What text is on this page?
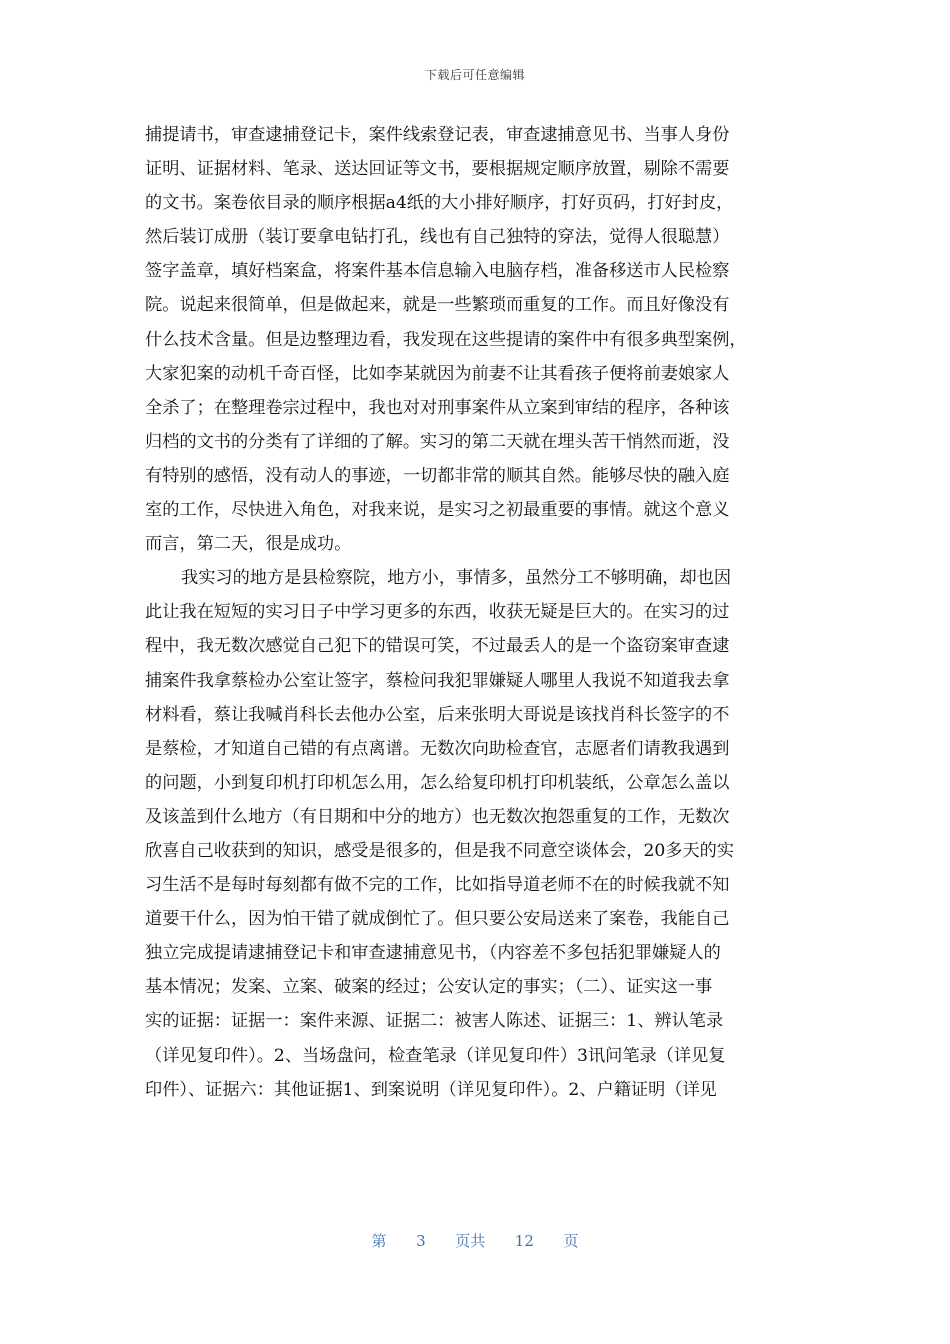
下载后可任意编辑
捕提请书，审查逮捕登记卡，案件线索登记表，审查逮捕意见书、当事人身份
证明、证据材料、笔录、送达回证等文书，要根据规定顺序放置，剔除不需要
的文书。案卷依目录的顺序根据a4纸的大小排好顺序，打好页码，打好封皮，
然后装订成册（装订要拿电钻打孔，线也有自己独特的穿法，觉得人很聪慧）
签字盖章，填好档案盒，将案件基本信息输入电脑存档，准备移送市人民检察
院。说起来很简单，但是做起来，就是一些繁琐而重复的工作。而且好像没有
什么技术含量。但是边整理边看，我发现在这些提请的案件中有很多典型案例，
大家犯案的动机千奇百怪，比如李某就因为前妻不让其看孩子便将前妻娘家人
全杀了；在整理卷宗过程中，我也对对刑事案件从立案到审结的程序，各种该
归档的文书的分类有了详细的了解。实习的第二天就在埋头苦干悄然而逝，没
有特别的感悟，没有动人的事迹，一切都非常的顺其自然。能够尽快的融入庭
室的工作，尽快进入角色，对我来说，是实习之初最重要的事情。就这个意义
而言，第二天，很是成功。
我实习的地方是县检察院，地方小，事情多，虽然分工不够明确，却也因
此让我在短短的实习日子中学习更多的东西，收获无疑是巨大的。在实习的过
程中，我无数次感觉自己犯下的错误可笑，不过最丢人的是一个盗窃案审查逮
捕案件我拿蔡检办公室让签字，蔡检问我犯罪嫌疑人哪里人我说不知道我去拿
材料看，蔡让我喊肖科长去他办公室，后来张明大哥说是该找肖科长签字的不
是蔡检，才知道自己错的有点离谱。无数次向助检查官，志愿者们请教我遇到
的问题，小到复印机打印机怎么用，怎么给复印机打印机装纸，公章怎么盖以
及该盖到什么地方（有日期和中分的地方）也无数次抱怨重复的工作，无数次
欣喜自己收获到的知识，感受是很多的，但是我不同意空谈体会，20多天的实
习生活不是每时每刻都有做不完的工作，比如指导道老师不在的时候我就不知
道要干什么，因为怕干错了就成倒忙了。但只要公安局送来了案卷，我能自己
独立完成提请逮捕登记卡和审查逮捕意见书，（内容差不多包括犯罪嫌疑人的
基本情况；发案、立案、破案的经过；公安认定的事实；（二）、证实这一事
实的证据：证据一：案件来源、证据二：被害人陈述、证据三：1、辨认笔录
（详见复印件）。2、当场盘问，检查笔录（详见复印件）3讯问笔录（详见复
印件）、证据六：其他证据1、到案说明（详见复印件）。2、户籍证明（详见
第 3 页共 12 页
